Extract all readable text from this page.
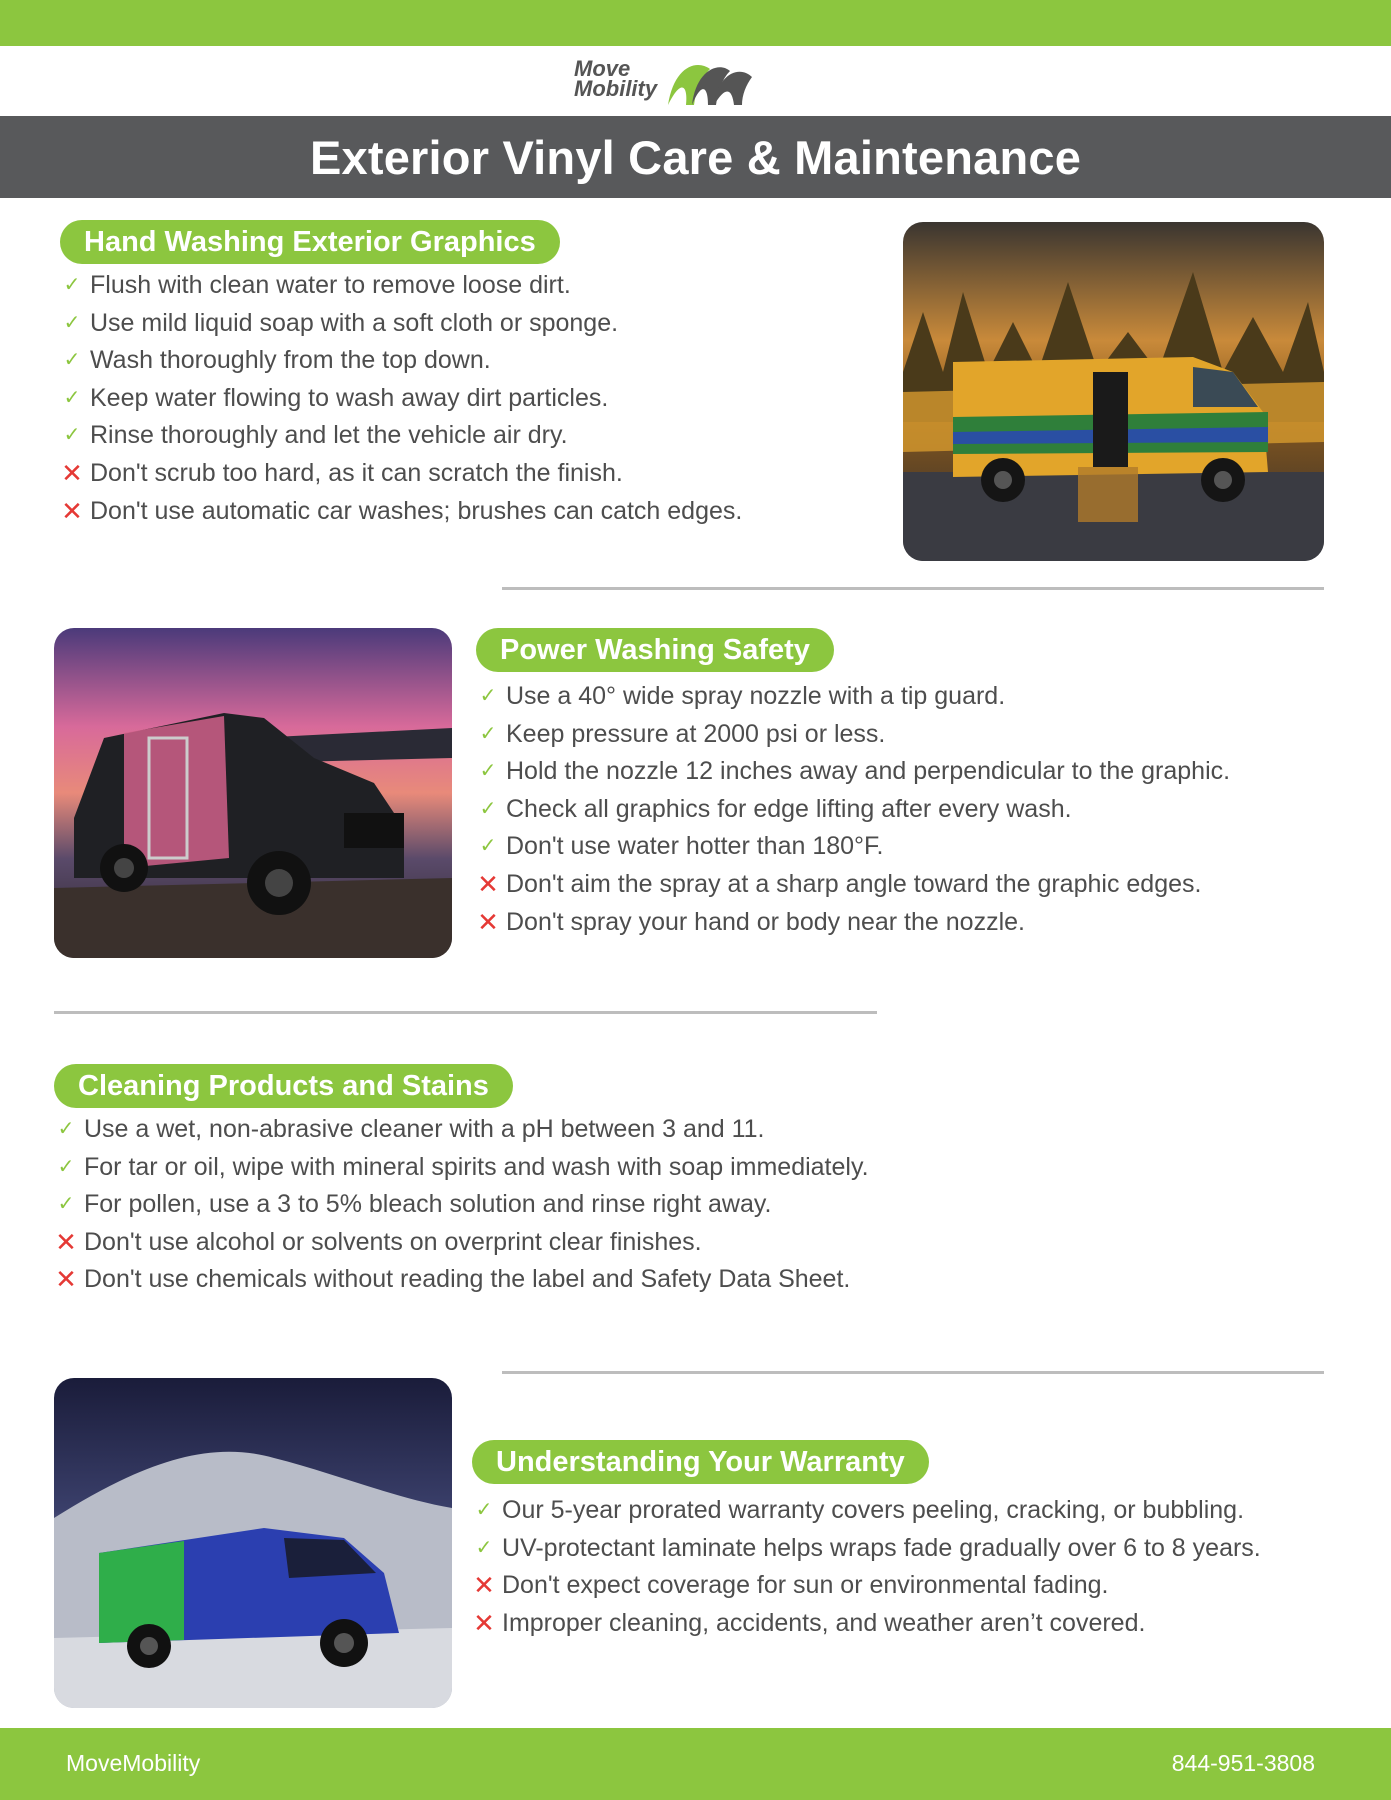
Move
Mobility
Exterior Vinyl Care & Maintenance
Hand Washing Exterior Graphics
✓ Flush with clean water to remove loose dirt.
✓ Use mild liquid soap with a soft cloth or sponge.
✓ Wash thoroughly from the top down.
✓ Keep water flowing to wash away dirt particles.
✓ Rinse thoroughly and let the vehicle air dry.
✕ Don't scrub too hard, as it can scratch the finish.
✕ Don't use automatic car washes; brushes can catch edges.
Power Washing Safety
✓ Use a 40° wide spray nozzle with a tip guard.
✓ Keep pressure at 2000 psi or less.
✓ Hold the nozzle 12 inches away and perpendicular to the graphic.
✓ Check all graphics for edge lifting after every wash.
✓ Don't use water hotter than 180°F.
✕ Don't aim the spray at a sharp angle toward the graphic edges.
✕ Don't spray your hand or body near the nozzle.
Cleaning Products and Stains
✓ Use a wet, non-abrasive cleaner with a pH between 3 and 11.
✓ For tar or oil, wipe with mineral spirits and wash with soap immediately.
✓ For pollen, use a 3 to 5% bleach solution and rinse right away.
✕ Don't use alcohol or solvents on overprint clear finishes.
✕ Don't use chemicals without reading the label and Safety Data Sheet.
Understanding Your Warranty
✓ Our 5-year prorated warranty covers peeling, cracking, or bubbling.
✓ UV-protectant laminate helps wraps fade gradually over 6 to 8 years.
✕ Don't expect coverage for sun or environmental fading.
✕ Improper cleaning, accidents, and weather aren’t covered.
MoveMobility	844-951-3808
